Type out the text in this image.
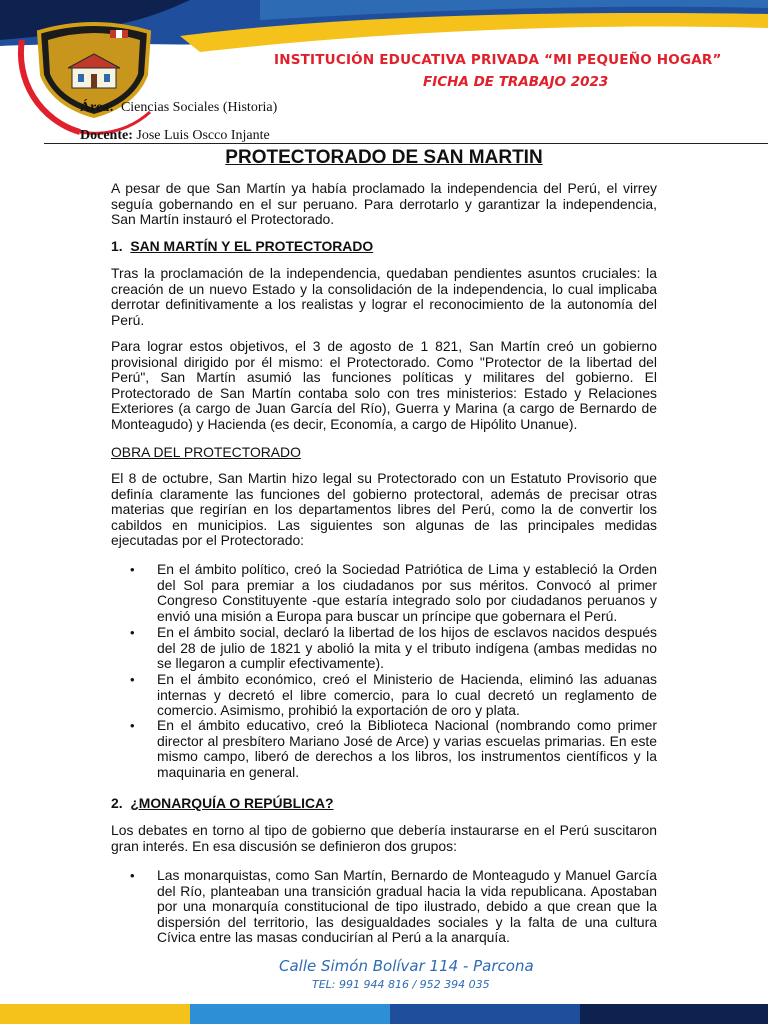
INSTITUCIÓN EDUCATIVA PRIVADA “MI PEQUEÑO HOGAR”
FICHA DE TRABAJO 2023
Área: Ciencias Sociales (Historia)
Docente: Jose Luis Oscco Injante
PROTECTORADO DE SAN MARTIN
A pesar de que San Martín ya había proclamado la independencia del Perú, el virrey seguía gobernando en el sur peruano. Para derrotarlo y garantizar la independencia, San Martín instauró el Protectorado.
1. SAN MARTÍN Y EL PROTECTORADO
Tras la proclamación de la independencia, quedaban pendientes asuntos cruciales: la creación de un nuevo Estado y la consolidación de la independencia, lo cual implicaba derrotar definitivamente a los realistas y lograr el reconocimiento de la autonomía del Perú.
Para lograr estos objetivos, el 3 de agosto de 1 821, San Martín creó un gobierno provisional dirigido por él mismo: el Protectorado. Como "Protector de la libertad del Perú", San Martín asumió las funciones políticas y militares del gobierno. El Protectorado de San Martín contaba solo con tres ministerios: Estado y Relaciones Exteriores (a cargo de Juan García del Río), Guerra y Marina (a cargo de Bernardo de Monteagudo) y Hacienda (es decir, Economía, a cargo de Hipólito Unanue).
OBRA DEL PROTECTORADO
El 8 de octubre, San Martin hizo legal su Protectorado con un Estatuto Provisorio que definía claramente las funciones del gobierno protectoral, además de precisar otras materias que regirían en los departamentos libres del Perú, como la de convertir los cabildos en municipios. Las siguientes son algunas de las principales medidas ejecutadas por el Protectorado:
• En el ámbito político, creó la Sociedad Patriótica de Lima y estableció la Orden del Sol para premiar a los ciudadanos por sus méritos. Convocó al primer Congreso Constituyente -que estaría integrado solo por ciudadanos peruanos y envió una misión a Europa para buscar un príncipe que gobernara el Perú.
• En el ámbito social, declaró la libertad de los hijos de esclavos nacidos después del 28 de julio de 1821 y abolió la mita y el tributo indígena (ambas medidas no se llegaron a cumplir efectivamente).
• En el ámbito económico, creó el Ministerio de Hacienda, eliminó las aduanas internas y decretó el libre comercio, para lo cual decretó un reglamento de comercio. Asimismo, prohibió la exportación de oro y plata.
• En el ámbito educativo, creó la Biblioteca Nacional (nombrando como primer director al presbítero Mariano José de Arce) y varias escuelas primarias. En este mismo campo, liberó de derechos a los libros, los instrumentos científicos y la maquinaria en general.
2. ¿MONARQUÍA O REPÚBLICA?
Los debates en torno al tipo de gobierno que debería instaurarse en el Perú suscitaron gran interés. En esa discusión se definieron dos grupos:
• Las monarquistas, como San Martín, Bernardo de Monteagudo y Manuel García del Río, planteaban una transición gradual hacia la vida republicana. Apostaban por una monarquía constitucional de tipo ilustrado, debido a que crean que la dispersión del territorio, las desigualdades sociales y la falta de una cultura Cívica entre las masas conducirían al Perú a la anarquía.
Calle Simón Bolívar 114 - Parcona
TEL: 991 944 816 / 952 394 035
